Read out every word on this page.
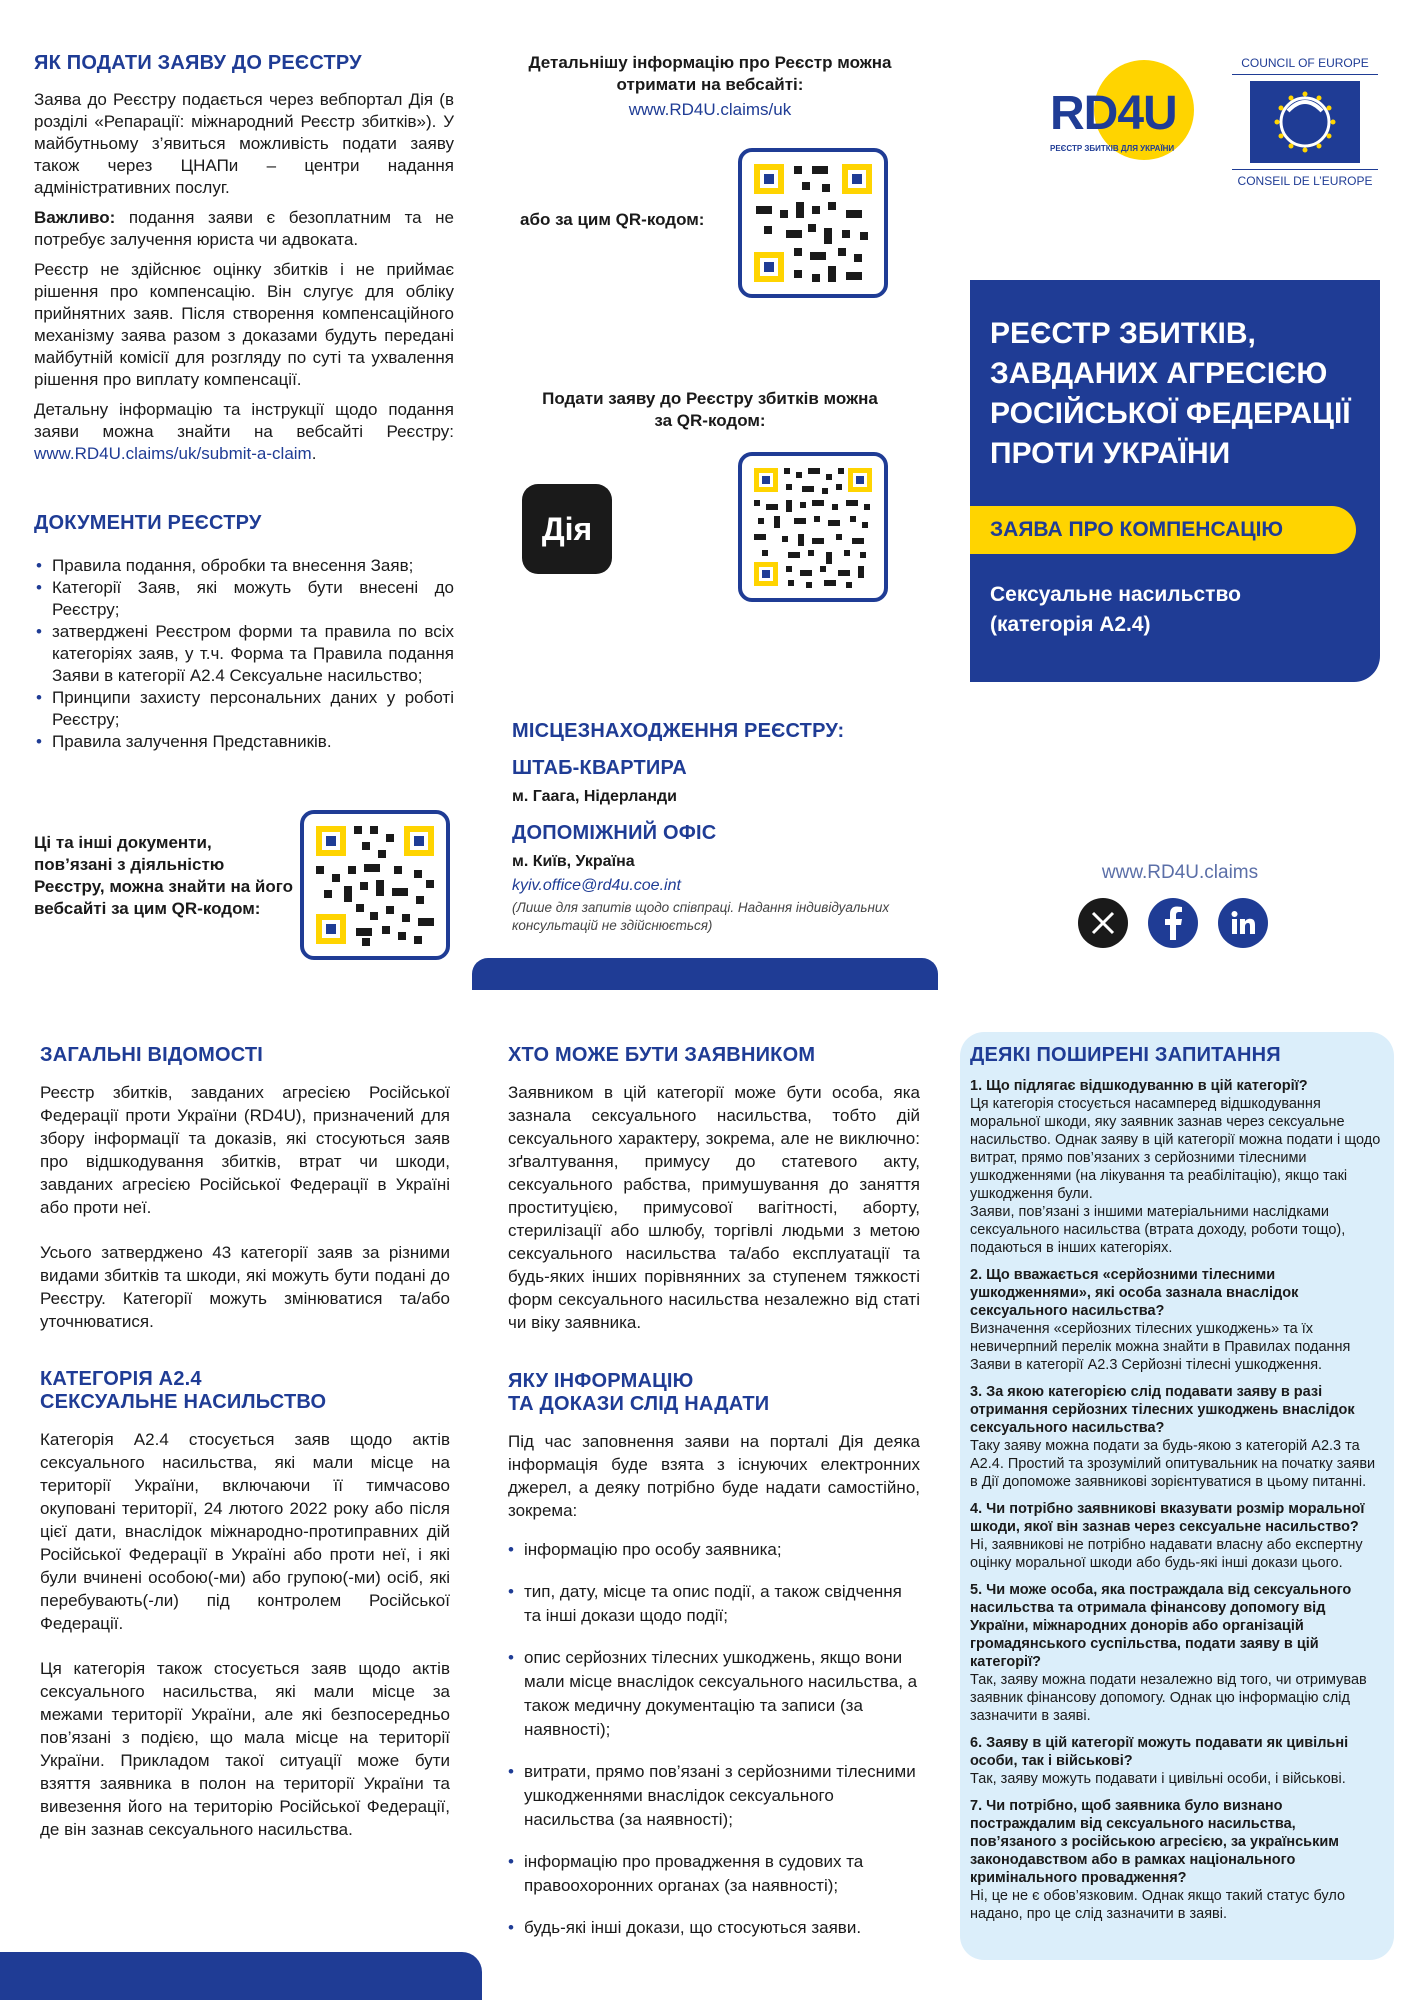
ЯК ПОДАТИ ЗАЯВУ ДО РЕЄСТРУ

Заява до Реєстру подається через вебпортал Дія (в розділі «Репарації: міжнародний Реєстр збитків»). У майбутньому з’явиться можливість подати заяву також через ЦНАПи – центри надання адміністративних послуг.

Важливо: подання заяви є безоплатним та не потребує залучення юриста чи адвоката.

Реєстр не здійснює оцінку збитків і не приймає рішення про компенсацію. Він слугує для обліку прийнятних заяв. Після створення компенсаційного механізму заява разом з доказами будуть передані майбутній комісії для розгляду по суті та ухвалення рішення про виплату компенсації.

Детальну інформацію та інструкції щодо подання заяви можна знайти на вебсайті Реєстру: www.RD4U.claims/uk/submit-a-claim.

ДОКУМЕНТИ РЕЄСТРУ
• Правила подання, обробки та внесення Заяв;
• Категорії Заяв, які можуть бути внесені до Реєстру;
• затверджені Реєстром форми та правила по всіх категоріях заяв, у т.ч. Форма та Правила подання Заяви в категорії А2.4 Сексуальне насильство;
• Принципи захисту персональних даних у роботі Реєстру;
• Правила залучення Представників.
Ці та інші документи, пов’язані з діяльністю Реєстру, можна знайти на його вебсайті за цим QR-кодом:
Детальнішу інформацію про Реєстр можна отримати на вебсайті:
www.RD4U.claims/uk
або за цим QR-кодом:
Подати заяву до Реєстру збитків можна за QR-кодом:
Дія
МІСЦЕЗНАХОДЖЕННЯ РЕЄСТРУ:
ШТАБ-КВАРТИРА
м. Гаага, Нідерланди
ДОПОМІЖНИЙ ОФІС
м. Київ, Україна
kyiv.office@rd4u.coe.int
(Лише для запитів щодо співпраці. Надання індивідуальних консультацій не здійснюється)
RD4U
РЕЄСТР ЗБИТКІВ ДЛЯ УКРАЇНИ
COUNCIL OF EUROPE
CONSEIL DE L’EUROPE
РЕЄСТР ЗБИТКІВ, ЗАВДАНИХ АГРЕСІЄЮ РОСІЙСЬКОЇ ФЕДЕРАЦІЇ ПРОТИ УКРАЇНИ
ЗАЯВА ПРО КОМПЕНСАЦІЮ
Сексуальне насильство (категорія А2.4)
www.RD4U.claims
ЗАГАЛЬНІ ВІДОМОСТІ

Реєстр збитків, завданих агресією Російської Федерації проти України (RD4U), призначений для збору інформації та доказів, які стосуються заяв про відшкодування збитків, втрат чи шкоди, завданих агресією Російської Федерації в Україні або проти неї.

Усього затверджено 43 категорії заяв за різними видами збитків та шкоди, які можуть бути подані до Реєстру. Категорії можуть змінюватися та/або уточнюватися.

КАТЕГОРІЯ А2.4
СЕКСУАЛЬНЕ НАСИЛЬСТВО

Категорія А2.4 стосується заяв щодо актів сексуального насильства, які мали місце на території України, включаючи її тимчасово окуповані території, 24 лютого 2022 року або після цієї дати, внаслідок міжнародно-протиправних дій Російської Федерації в Україні або проти неї, і які були вчинені особою(-ми) або групою(-ми) осіб, які перебувають(-ли) під контролем Російської Федерації.

Ця категорія також стосується заяв щодо актів сексуального насильства, які мали місце за межами території України, але які безпосередньо пов’язані з подією, що мала місце на території України. Прикладом такої ситуації може бути взяття заявника в полон на території України та вивезення його на територію Російської Федерації, де він зазнав сексуального насильства.

ХТО МОЖЕ БУТИ ЗАЯВНИКОМ

Заявником в цій категорії може бути особа, яка зазнала сексуального насильства, тобто дій сексуального характеру, зокрема, але не виключно: зґвалтування, примусу до статевого акту, сексуального рабства, примушування до заняття проституцією, примусової вагітності, аборту, стерилізації або шлюбу, торгівлі людьми з метою сексуального насильства та/або експлуатації та будь-яких інших порівнянних за ступенем тяжкості форм сексуального насильства незалежно від статі чи віку заявника.

ЯКУ ІНФОРМАЦІЮ
ТА ДОКАЗИ СЛІД НАДАТИ

Під час заповнення заяви на порталі Дія деяка інформація буде взята з існуючих електронних джерел, а деяку потрібно буде надати самостійно, зокрема:

• інформацію про особу заявника;
• тип, дату, місце та опис події, а також свідчення та інші докази щодо події;
• опис серйозних тілесних ушкоджень, якщо вони мали місце внаслідок сексуального насильства, а також медичну документацію та записи (за наявності);
• витрати, прямо пов’язані з серйозними тілесними ушкодженнями внаслідок сексуального насильства (за наявності);
• інформацію про провадження в судових та правоохоронних органах (за наявності);
• будь-які інші докази, що стосуються заяви.
ДЕЯКІ ПОШИРЕНІ ЗАПИТАННЯ
1. Що підлягає відшкодуванню в цій категорії?
Ця категорія стосується насамперед відшкодування моральної шкоди, яку заявник зазнав через сексуальне насильство. Однак заяву в цій категорії можна подати і щодо витрат, прямо пов’язаних з серйозними тілесними ушкодженнями (на лікування та реабілітацію), якщо такі ушкодження були.
Заяви, пов’язані з іншими матеріальними наслідками сексуального насильства (втрата доходу, роботи тощо), подаються в інших категоріях.
2. Що вважається «серйозними тілесними ушкодженнями», які особа зазнала внаслідок сексуального насильства?
Визначення «серйозних тілесних ушкоджень» та їх невичерпний перелік можна знайти в Правилах подання Заяви в категорії А2.3 Серйозні тілесні ушкодження.
3. За якою категорією слід подавати заяву в разі отримання серйозних тілесних ушкоджень внаслідок сексуального насильства?
Таку заяву можна подати за будь-якою з категорій А2.3 та А2.4. Простий та зрозумілий опитувальник на початку заяви в Дії допоможе заявникові зорієнтуватися в цьому питанні.
4. Чи потрібно заявникові вказувати розмір моральної шкоди, якої він зазнав через сексуальне насильство?
Ні, заявникові не потрібно надавати власну або експертну оцінку моральної шкоди або будь-які інші докази цього.
5. Чи може особа, яка постраждала від сексуального насильства та отримала фінансову допомогу від України, міжнародних донорів або організацій громадянського суспільства, подати заяву в цій категорії?
Так, заяву можна подати незалежно від того, чи отримував заявник фінансову допомогу. Однак цю інформацію слід зазначити в заяві.
6. Заяву в цій категорії можуть подавати як цивільні особи, так і військові?
Так, заяву можуть подавати і цивільні особи, і військові.
7. Чи потрібно, щоб заявника було визнано постраждалим від сексуального насильства, пов’язаного з російською агресією, за українським законодавством або в рамках національного кримінального провадження?
Ні, це не є обов’язковим. Однак якщо такий статус було надано, про це слід зазначити в заяві.
